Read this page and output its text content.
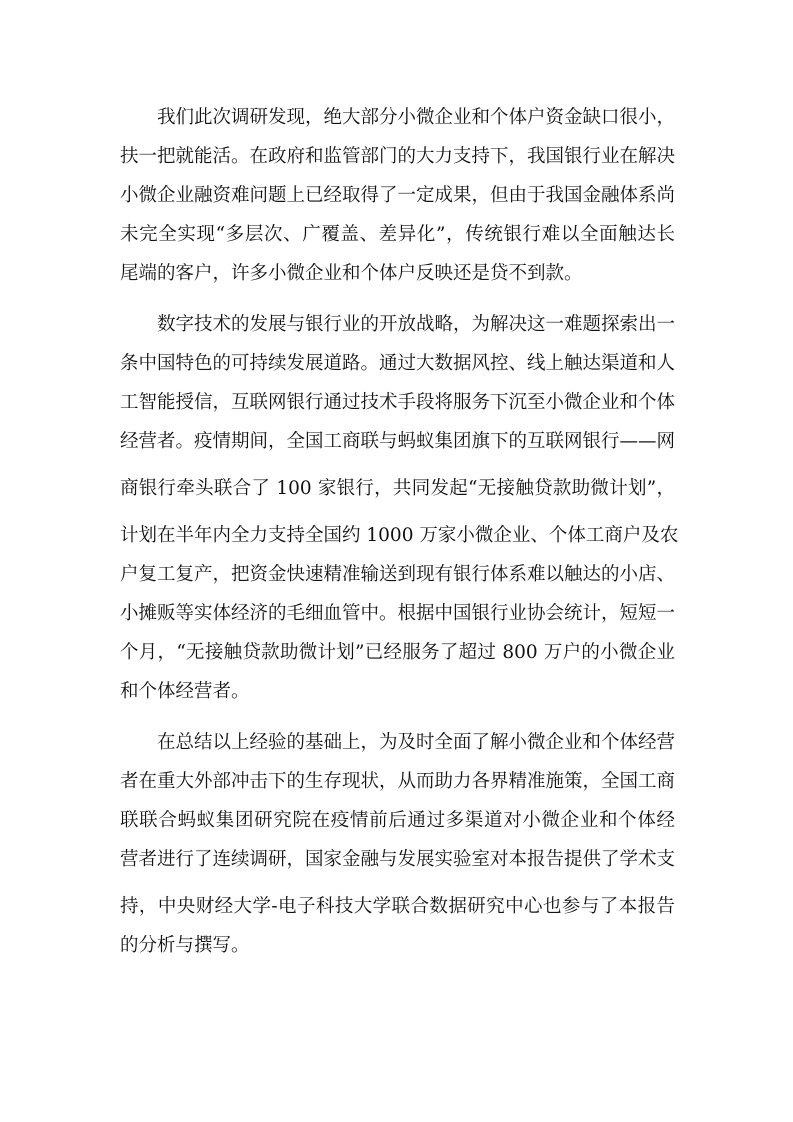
我们此次调研发现，绝大部分小微企业和个体户资金缺口很小，
扶一把就能活。在政府和监管部门的大力支持下，我国银行业在解决
小微企业融资难问题上已经取得了一定成果，但由于我国金融体系尚
未完全实现“多层次、广覆盖、差异化”，传统银行难以全面触达长
尾端的客户，许多小微企业和个体户反映还是贷不到款。
数字技术的发展与银行业的开放战略，为解决这一难题探索出一
条中国特色的可持续发展道路。通过大数据风控、线上触达渠道和人
工智能授信，互联网银行通过技术手段将服务下沉至小微企业和个体
经营者。疫情期间，全国工商联与蚂蚁集团旗下的互联网银行——网
商银行牵头联合了 100 家银行，共同发起“无接触贷款助微计划”，
计划在半年内全力支持全国约 1000 万家小微企业、个体工商户及农
户复工复产，把资金快速精准输送到现有银行体系难以触达的小店、
小摊贩等实体经济的毛细血管中。根据中国银行业协会统计，短短一
个月，“无接触贷款助微计划”已经服务了超过 800 万户的小微企业
和个体经营者。
在总结以上经验的基础上，为及时全面了解小微企业和个体经营
者在重大外部冲击下的生存现状，从而助力各界精准施策，全国工商
联联合蚂蚁集团研究院在疫情前后通过多渠道对小微企业和个体经
营者进行了连续调研，国家金融与发展实验室对本报告提供了学术支
持，中央财经大学-电子科技大学联合数据研究中心也参与了本报告
的分析与撰写。
